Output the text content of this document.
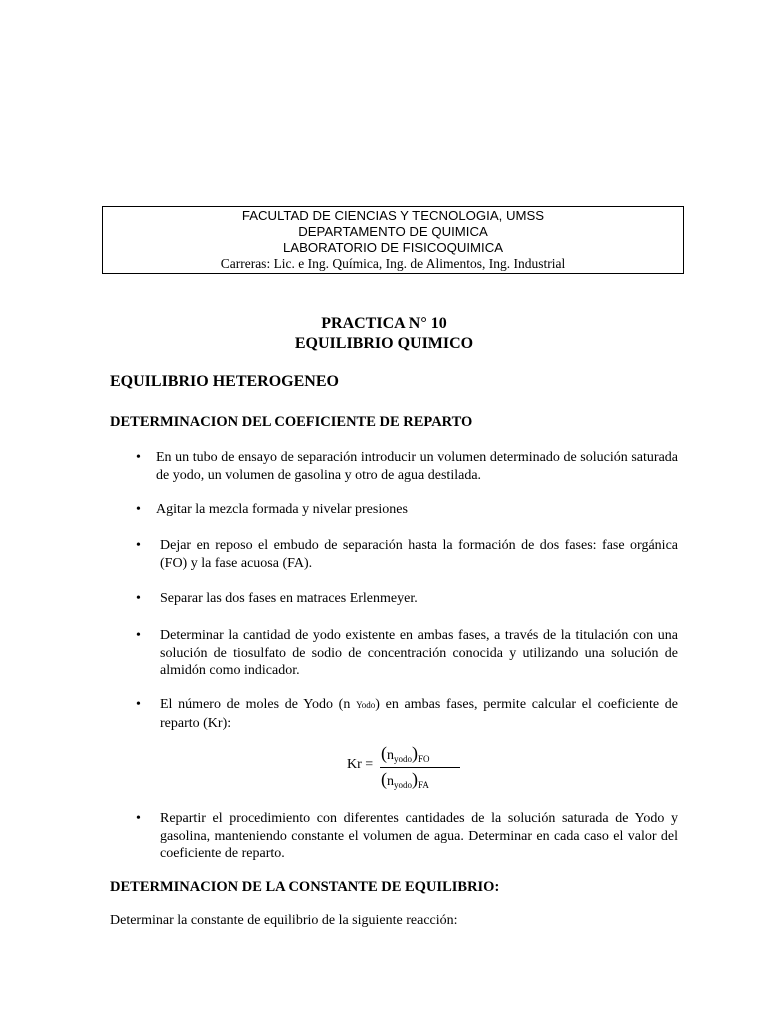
FACULTAD DE CIENCIAS Y TECNOLOGIA, UMSS
DEPARTAMENTO DE QUIMICA
LABORATORIO DE FISICOQUIMICA
Carreras: Lic. e Ing. Química, Ing. de Alimentos, Ing. Industrial
PRACTICA N° 10
EQUILIBRIO QUIMICO
EQUILIBRIO HETEROGENEO
DETERMINACION DEL COEFICIENTE DE REPARTO
•	En un tubo de ensayo de separación introducir un volumen determinado de solución saturada de yodo, un volumen de gasolina y otro de agua destilada.
•	Agitar la mezcla formada y nivelar presiones
•	Dejar en reposo el embudo de separación hasta la formación de dos fases: fase orgánica (FO) y la fase acuosa (FA).
•	Separar las dos fases en matraces Erlenmeyer.
•	Determinar la cantidad de yodo existente en ambas fases, a través de la titulación con una solución de tiosulfato de sodio de concentración conocida y utilizando una solución de almidón como indicador.
•	El número de moles de Yodo (n Yodo) en ambas fases, permite calcular el coeficiente de reparto (Kr):
Kr =
$(n_{yodo})_{FO}$
$(n_{yodo})_{FA}$
•	Repartir el procedimiento con diferentes cantidades de la solución saturada de Yodo y gasolina, manteniendo constante el volumen de agua. Determinar en cada caso el valor del coeficiente de reparto.
DETERMINACION DE LA CONSTANTE DE EQUILIBRIO:
Determinar la constante de equilibrio de la siguiente reacción:
